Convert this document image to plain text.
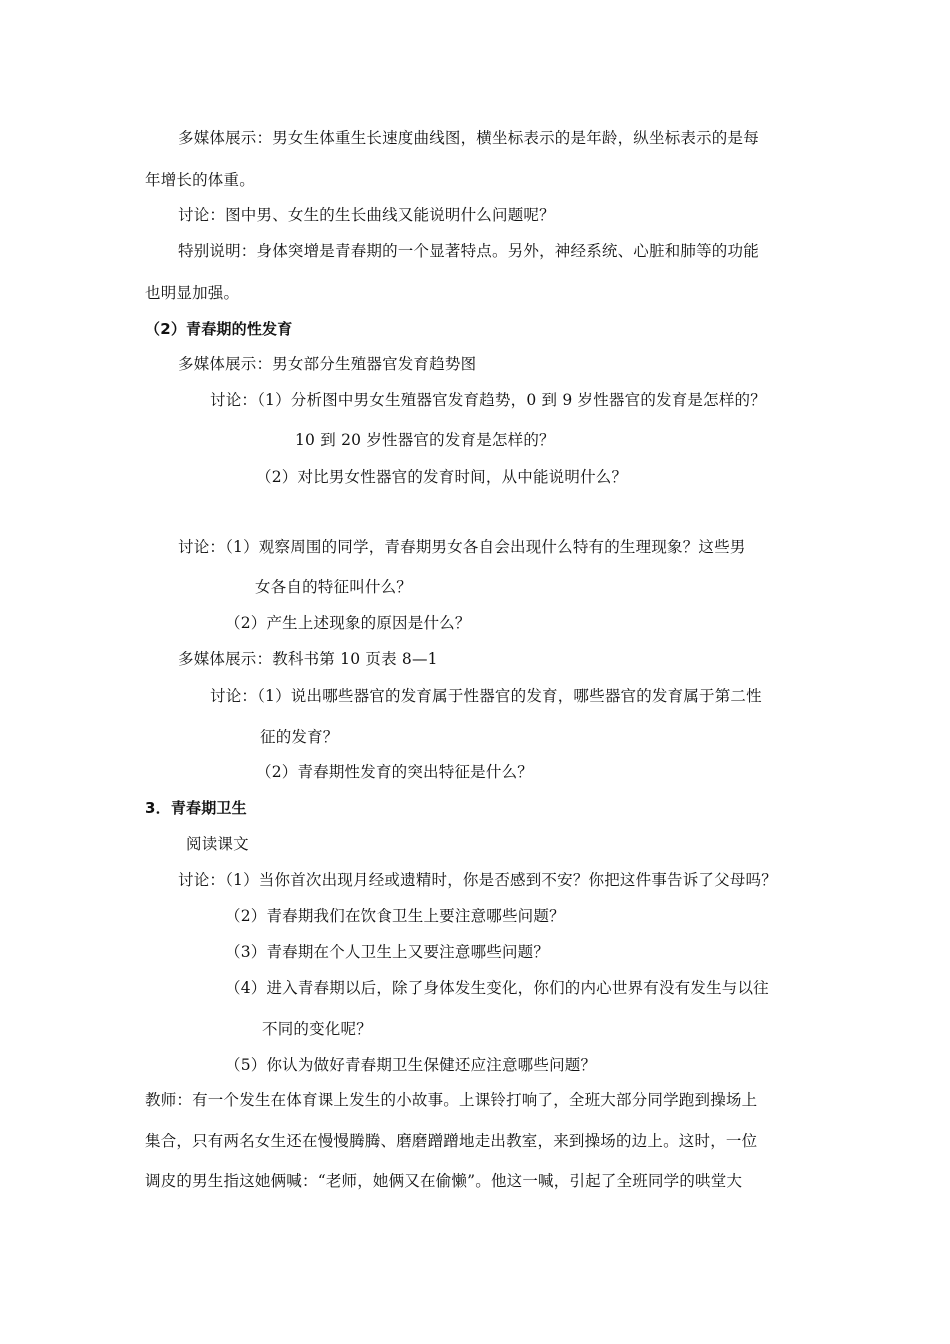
多媒体展示：男女生体重生长速度曲线图，横坐标表示的是年龄，纵坐标表示的是每
年增长的体重。
讨论：图中男、女生的生长曲线又能说明什么问题呢？
特别说明：身体突增是青春期的一个显著特点。另外，神经系统、心脏和肺等的功能
也明显加强。
（2）青春期的性发育
多媒体展示：男女部分生殖器官发育趋势图
讨论：（1）分析图中男女生殖器官发育趋势，0 到 9 岁性器官的发育是怎样的？
10 到 20 岁性器官的发育是怎样的？
（2）对比男女性器官的发育时间，从中能说明什么？
讨论：（1）观察周围的同学，青春期男女各自会出现什么特有的生理现象？这些男
女各自的特征叫什么？
（2）产生上述现象的原因是什么？
多媒体展示：教科书第 10 页表 8—1
讨论：（1）说出哪些器官的发育属于性器官的发育，哪些器官的发育属于第二性
征的发育？
（2）青春期性发育的突出特征是什么？
3．青春期卫生
阅读课文
讨论：（1）当你首次出现月经或遗精时，你是否感到不安？你把这件事告诉了父母吗？
（2）青春期我们在饮食卫生上要注意哪些问题？
（3）青春期在个人卫生上又要注意哪些问题？
（4）进入青春期以后，除了身体发生变化，你们的内心世界有没有发生与以往
不同的变化呢？
（5）你认为做好青春期卫生保健还应注意哪些问题？
教师：有一个发生在体育课上发生的小故事。上课铃打响了，全班大部分同学跑到操场上
集合，只有两名女生还在慢慢腾腾、磨磨蹭蹭地走出教室，来到操场的边上。这时，一位
调皮的男生指这她俩喊：“老师，她俩又在偷懒”。他这一喊，引起了全班同学的哄堂大
